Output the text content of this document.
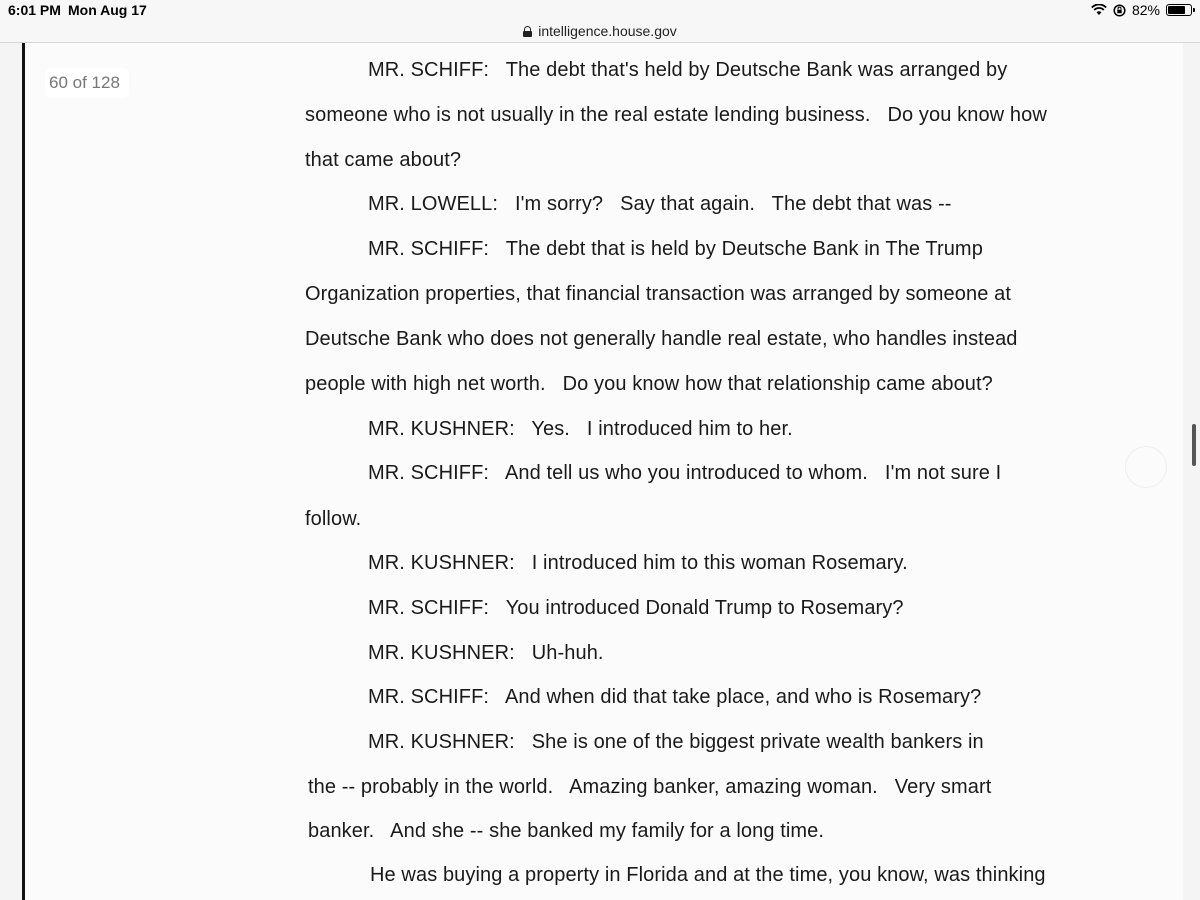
6:01 PM Mon Aug 17	82%
intelligence.house.gov
60 of 128
MR. SCHIFF:   The debt that's held by Deutsche Bank was arranged by
someone who is not usually in the real estate lending business.   Do you know how
that came about?
MR. LOWELL:   I'm sorry?   Say that again.   The debt that was --
MR. SCHIFF:   The debt that is held by Deutsche Bank in The Trump
Organization properties, that financial transaction was arranged by someone at
Deutsche Bank who does not generally handle real estate, who handles instead
people with high net worth.   Do you know how that relationship came about?
MR. KUSHNER:   Yes.   I introduced him to her.
MR. SCHIFF:   And tell us who you introduced to whom.   I'm not sure I
follow.
MR. KUSHNER:   I introduced him to this woman Rosemary.
MR. SCHIFF:   You introduced Donald Trump to Rosemary?
MR. KUSHNER:   Uh-huh.
MR. SCHIFF:   And when did that take place, and who is Rosemary?
MR. KUSHNER:   She is one of the biggest private wealth bankers in
the -- probably in the world.   Amazing banker, amazing woman.   Very smart
banker.   And she -- she banked my family for a long time.
He was buying a property in Florida and at the time, you know, was thinking
